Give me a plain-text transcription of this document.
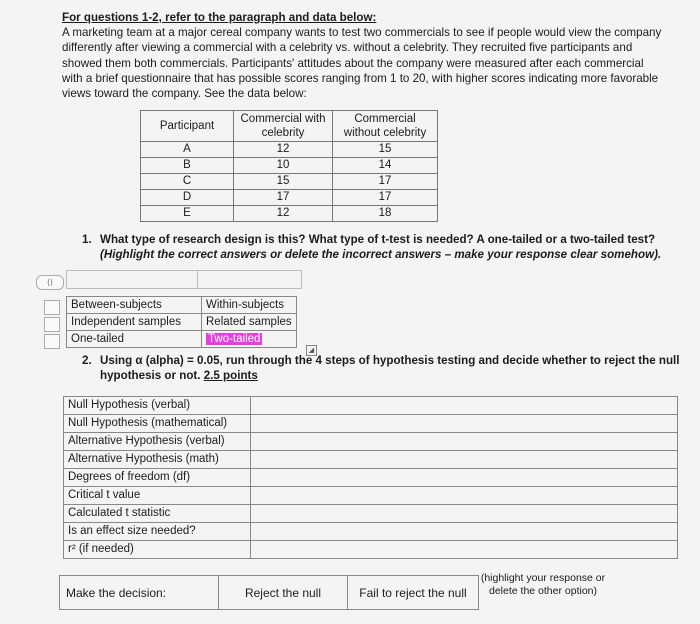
For questions 1-2, refer to the paragraph and data below:
A marketing team at a major cereal company wants to test two commercials to see if people would view the company
differently after viewing a commercial with a celebrity vs. without a celebrity. They recruited five participants and
showed them both commercials. Participants' attitudes about the company were measured after each commercial
with a brief questionnaire that has possible scores ranging from 1 to 20, with higher scores indicating more favorable
views toward the company. See the data below:
Participant	Commercial with celebrity	Commercial without celebrity
A	12	15
B	10	14
C	15	17
D	17	17
E	12	18
1. What type of research design is this? What type of t-test is needed? A one-tailed or a two-tailed test? (Highlight the correct answers or delete the incorrect answers – make your response clear somehow).
⟨⟩
Between-subjects	Within-subjects
Independent samples	Related samples
One-tailed	Two-tailed
◢
2. Using α (alpha) = 0.05, run through the 4 steps of hypothesis testing and decide whether to reject the null hypothesis or not. 2.5 points
Null Hypothesis (verbal)	
Null Hypothesis (mathematical)	
Alternative Hypothesis (verbal)	
Alternative Hypothesis (math)	
Degrees of freedom (df)	
Critical t value	
Calculated t statistic	
Is an effect size needed?	
r² (if needed)	
Make the decision:	Reject the null	Fail to reject the null
(highlight your response or delete the other option)
